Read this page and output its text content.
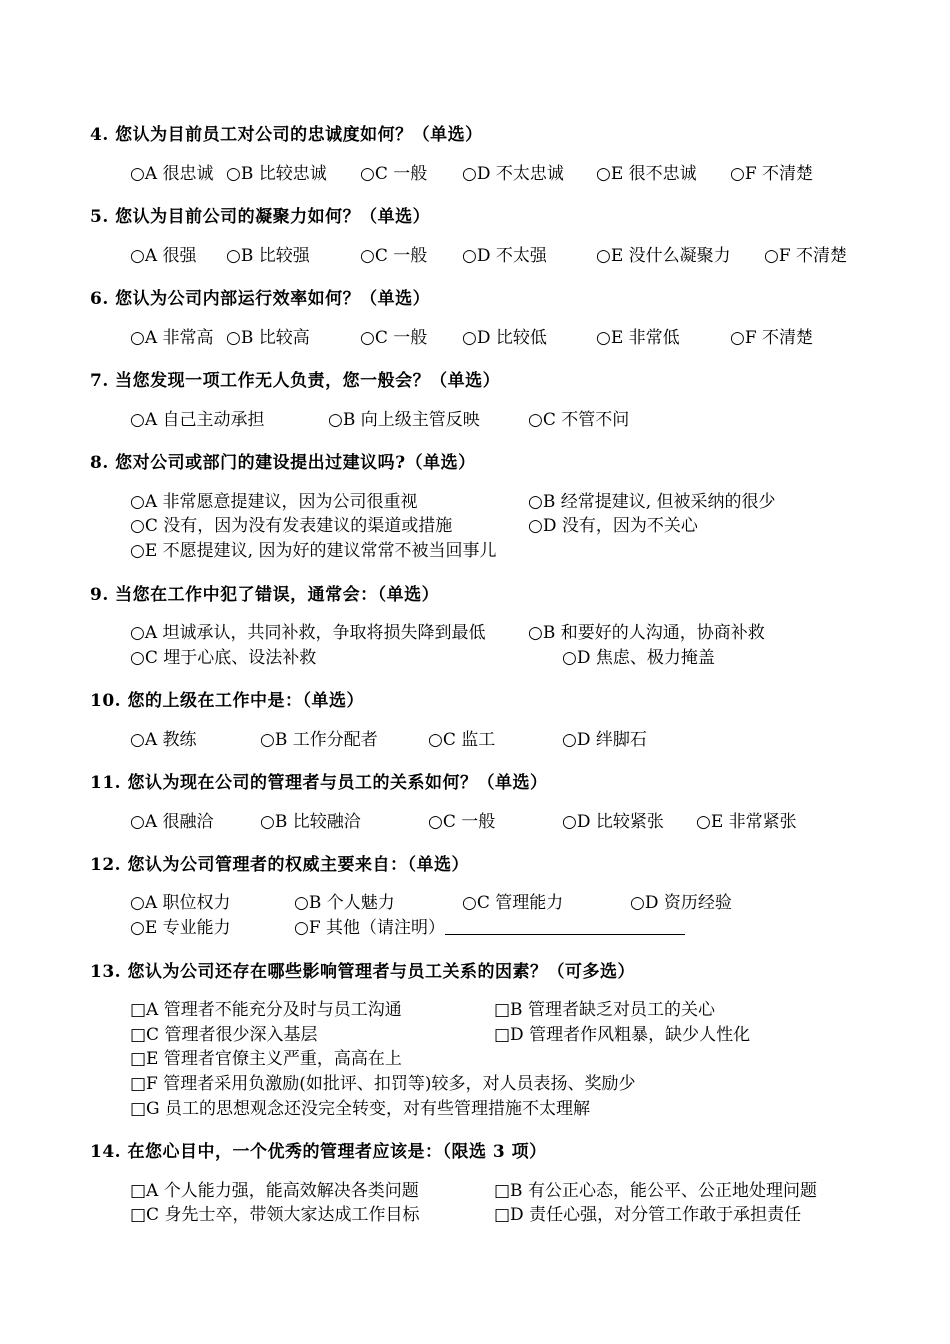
4. 您认为目前员工对公司的忠诚度如何？（单选）
○A 很忠诚 ○B 比较忠诚 ○C 一般 ○D 不太忠诚 ○E 很不忠诚 ○F 不清楚
5. 您认为目前公司的凝聚力如何？（单选）
○A 很强 ○B 比较强	○C 一般 ○D 不太强	○E 没什么凝聚力 ○F 不清楚
6. 您认为公司内部运行效率如何？（单选）
○A 非常高 ○B 比较高	○C 一般 ○D 比较低	○E 非常低	○F 不清楚
7. 当您发现一项工作无人负责，您一般会？（单选）
○A 自己主动承担	○B 向上级主管反映	○C 不管不问
8. 您对公司或部门的建设提出过建议吗?（单选）
○A 非常愿意提建议，因为公司很重视	○B 经常提建议, 但被采纳的很少
○C 没有，因为没有发表建议的渠道或措施	○D 没有，因为不关心
○E 不愿提建议, 因为好的建议常常不被当回事儿
9. 当您在工作中犯了错误，通常会：（单选）
○A 坦诚承认，共同补救，争取将损失降到最低 ○B 和要好的人沟通，协商补救
○C 埋于心底、设法补救	○D 焦虑、极力掩盖
10. 您的上级在工作中是：（单选）
○A 教练	○B 工作分配者	○C 监工	○D 绊脚石
11. 您认为现在公司的管理者与员工的关系如何？（单选）
○A 很融洽	○B 比较融洽	○C 一般	○D 比较紧张 ○E 非常紧张
12. 您认为公司管理者的权威主要来自：（单选）
○A 职位权力	○B 个人魅力	○C 管理能力	○D 资历经验
○E 专业能力	○F 其他（请注明）
13. 您认为公司还存在哪些影响管理者与员工关系的因素？（可多选）
□A 管理者不能充分及时与员工沟通	□B 管理者缺乏对员工的关心
□C 管理者很少深入基层	□D 管理者作风粗暴，缺少人性化
□E 管理者官僚主义严重，高高在上
□F 管理者采用负激励(如批评、扣罚等)较多，对人员表扬、奖励少
□G 员工的思想观念还没完全转变，对有些管理措施不太理解
14. 在您心目中，一个优秀的管理者应该是：（限选 3 项）
□A 个人能力强，能高效解决各类问题	□B 有公正心态，能公平、公正地处理问题
□C 身先士卒，带领大家达成工作目标	□D 责任心强，对分管工作敢于承担责任
